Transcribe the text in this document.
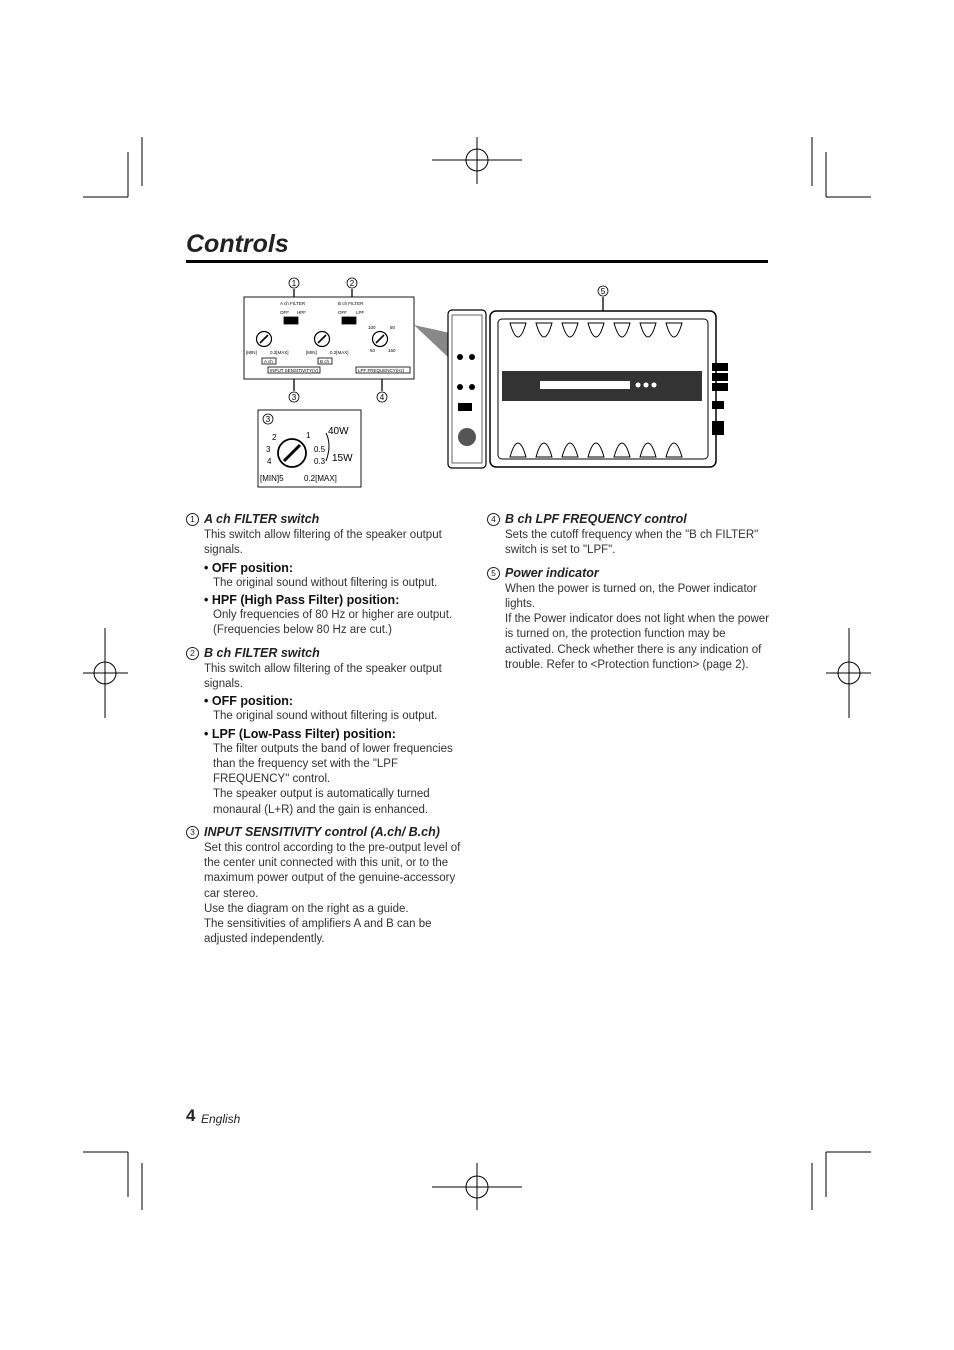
Controls
1	2
3	4
5
A ch FILTER	B ch FILTER
OFF HPF	OFF LPF
[MIN]	0.2[MAX]	[MIN]	0.2[MAX]
A ch	B ch
INPUT SENSITIVITY(V)	LPF FREQUENCY(Hz)
100	80
50	160
3
2	1
3	0.5
4	0.3
[MIN]5	0.2[MAX]
40W
15W
1 A ch FILTER switch
This switch allow filtering of the speaker output signals.
• OFF position:
The original sound without filtering is output.
• HPF (High Pass Filter) position:
Only frequencies of 80 Hz or higher are output. (Frequencies below 80 Hz are cut.)
2 B ch FILTER switch
This switch allow filtering of the speaker output signals.
• OFF position:
The original sound without filtering is output.
• LPF (Low-Pass Filter) position:
The filter outputs the band of lower frequencies than the frequency set with the "LPF FREQUENCY" control.
The speaker output is automatically turned monaural (L+R) and the gain is enhanced.
3 INPUT SENSITIVITY control (A.ch/ B.ch)
Set this control according to the pre-output level of the center unit connected with this unit, or to the maximum power output of the genuine-accessory car stereo.
Use the diagram on the right as a guide.
The sensitivities of amplifiers A and B can be adjusted independently.
4 B ch LPF FREQUENCY control
Sets the cutoff frequency when the "B ch FILTER" switch is set to "LPF".
5 Power indicator
When the power is turned on, the Power indicator lights.
If the Power indicator does not light when the power is turned on, the protection function may be activated. Check whether there is any indication of trouble. Refer to <Protection function> (page 2).
4 English
